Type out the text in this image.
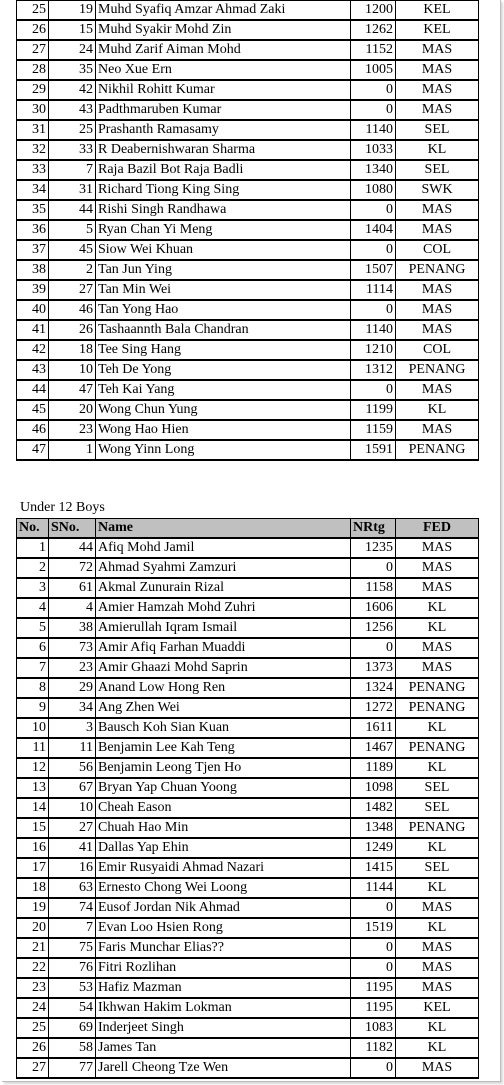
25	19	Muhd Syafiq Amzar Ahmad Zaki	1200	KEL
26	15	Muhd Syakir Mohd Zin	1262	KEL
27	24	Muhd Zarif Aiman Mohd	1152	MAS
28	35	Neo Xue Ern	1005	MAS
29	42	Nikhil Rohitt Kumar	0	MAS
30	43	Padthmaruben Kumar	0	MAS
31	25	Prashanth Ramasamy	1140	SEL
32	33	R Deabernishwaran Sharma	1033	KL
33	7	Raja Bazil Bot Raja Badli	1340	SEL
34	31	Richard Tiong King Sing	1080	SWK
35	44	Rishi Singh Randhawa	0	MAS
36	5	Ryan Chan Yi Meng	1404	MAS
37	45	Siow Wei Khuan	0	COL
38	2	Tan Jun Ying	1507	PENANG
39	27	Tan Min Wei	1114	MAS
40	46	Tan Yong Hao	0	MAS
41	26	Tashaannth Bala Chandran	1140	MAS
42	18	Tee Sing Hang	1210	COL
43	10	Teh De Yong	1312	PENANG
44	47	Teh Kai Yang	0	MAS
45	20	Wong Chun Yung	1199	KL
46	23	Wong Hao Hien	1159	MAS
47	1	Wong Yinn Long	1591	PENANG
Under 12 Boys
No.	SNo.	Name	NRtg	FED
1	44	Afiq Mohd Jamil	1235	MAS
2	72	Ahmad Syahmi Zamzuri	0	MAS
3	61	Akmal Zunurain Rizal	1158	MAS
4	4	Amier Hamzah Mohd Zuhri	1606	KL
5	38	Amierullah Iqram Ismail	1256	KL
6	73	Amir Afiq Farhan Muaddi	0	MAS
7	23	Amir Ghaazi Mohd Saprin	1373	MAS
8	29	Anand Low Hong Ren	1324	PENANG
9	34	Ang Zhen Wei	1272	PENANG
10	3	Bausch Koh Sian Kuan	1611	KL
11	11	Benjamin Lee Kah Teng	1467	PENANG
12	56	Benjamin Leong Tjen Ho	1189	KL
13	67	Bryan Yap Chuan Yoong	1098	SEL
14	10	Cheah Eason	1482	SEL
15	27	Chuah Hao Min	1348	PENANG
16	41	Dallas Yap Ehin	1249	KL
17	16	Emir Rusyaidi Ahmad Nazari	1415	SEL
18	63	Ernesto Chong Wei Loong	1144	KL
19	74	Eusof Jordan Nik Ahmad	0	MAS
20	7	Evan Loo Hsien Rong	1519	KL
21	75	Faris Munchar Elias??	0	MAS
22	76	Fitri Rozlihan	0	MAS
23	53	Hafiz Mazman	1195	MAS
24	54	Ikhwan Hakim Lokman	1195	KEL
25	69	Inderjeet Singh	1083	KL
26	58	James Tan	1182	KL
27	77	Jarell Cheong Tze Wen	0	MAS
